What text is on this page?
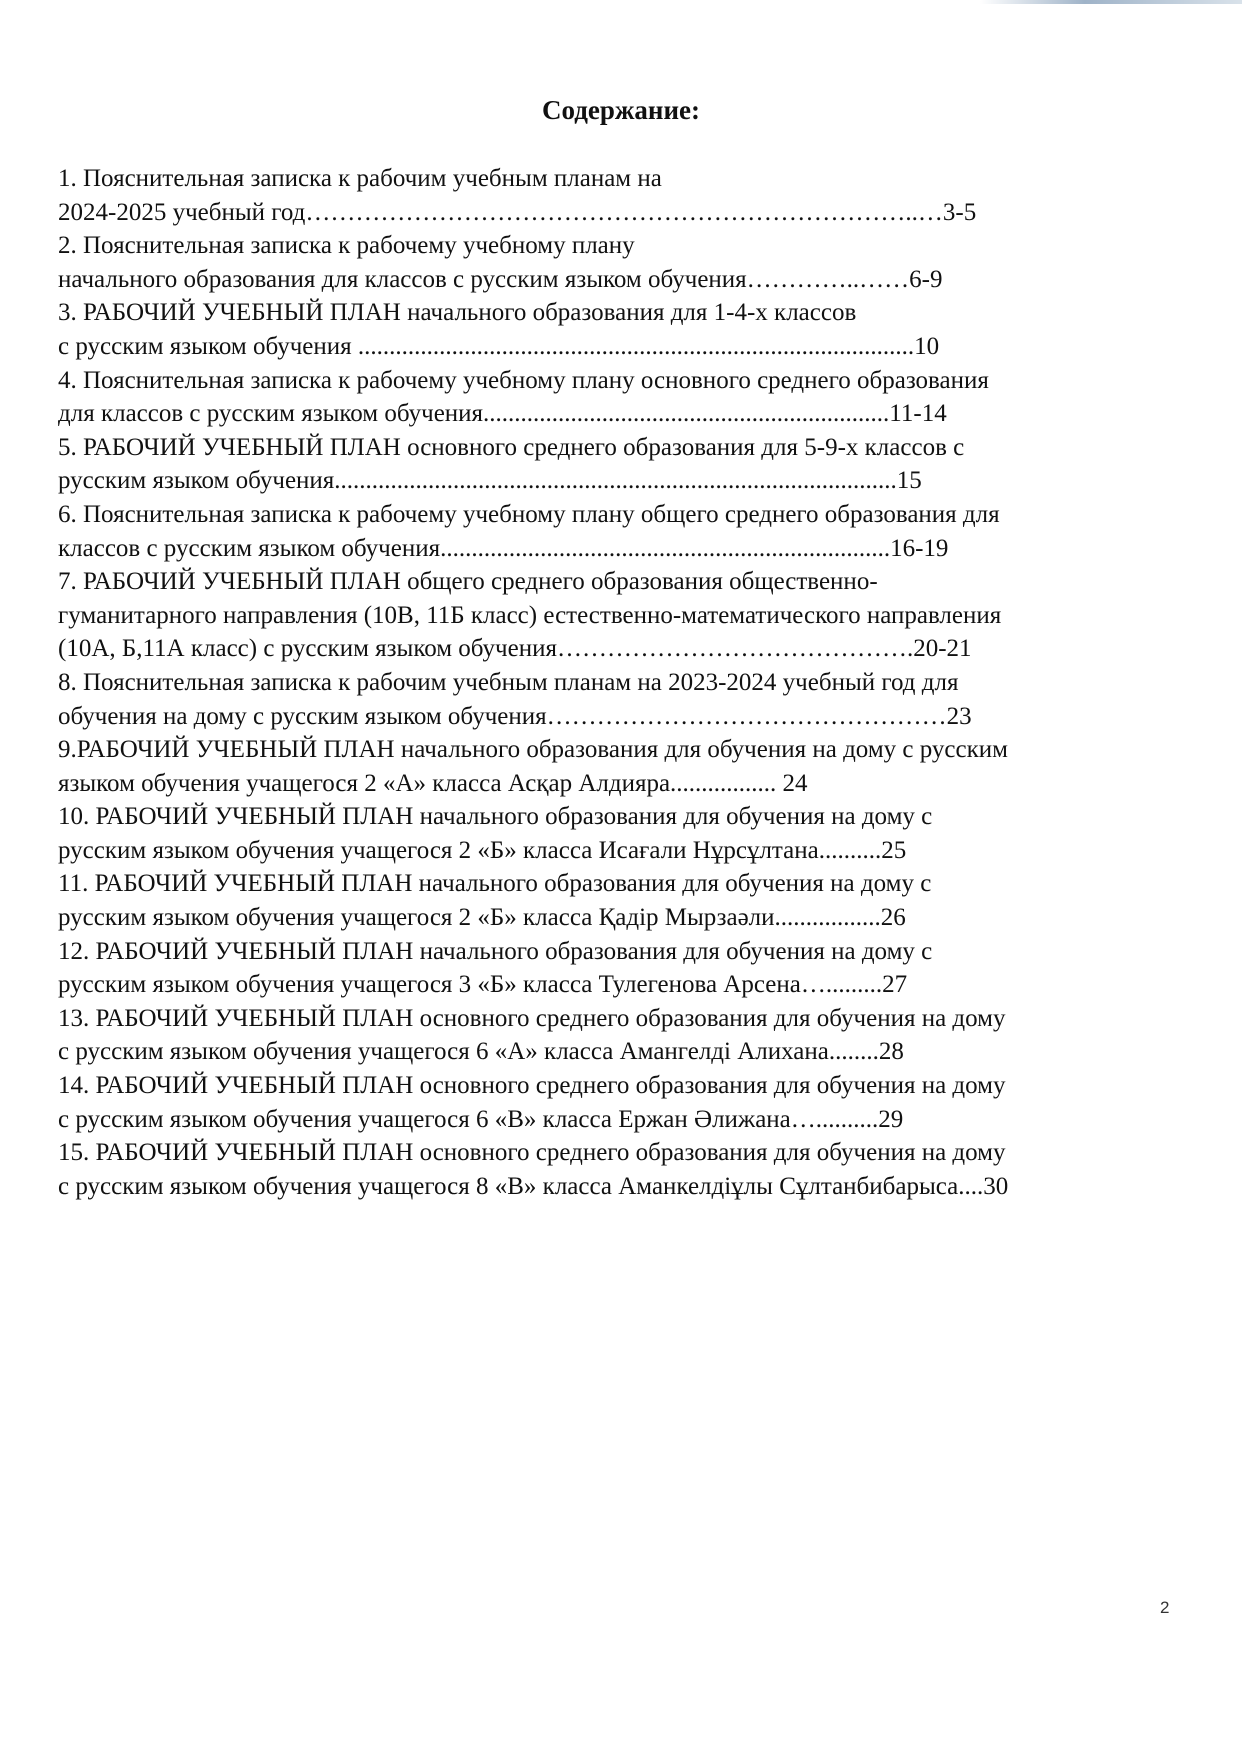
Содержание:
1. Пояснительная записка к рабочим учебным планам на
2024-2025 учебный год………………………………………………………………..…3-5
2. Пояснительная записка к рабочему учебному плану
начального образования для классов с русским языком обучения…………..……6-9
3. РАБОЧИЙ УЧЕБНЫЙ ПЛАН начального образования для 1-4-х классов
с русским языком обучения .........................................................................................10
4. Пояснительная записка к рабочему учебному плану основного среднего образования
для классов с русским языком обучения.................................................................11-14
5. РАБОЧИЙ УЧЕБНЫЙ ПЛАН основного среднего образования для 5-9-х классов с
русским языком обучения..........................................................................................15
6. Пояснительная записка к рабочему учебному плану общего среднего образования для
классов с русским языком обучения........................................................................16-19
7. РАБОЧИЙ УЧЕБНЫЙ ПЛАН общего среднего образования общественно-
гуманитарного направления (10В, 11Б класс) естественно-математического направления
(10А, Б,11А класс) с русским языком обучения…………………………………….20-21
8. Пояснительная записка к рабочим учебным планам на 2023-2024 учебный год для
обучения на дому с русским языком обучения…………………………………………23
9.РАБОЧИЙ УЧЕБНЫЙ ПЛАН начального образования для обучения на дому с русским
языком обучения учащегося 2 «А» класса Асқар Алдияра................. 24
10. РАБОЧИЙ УЧЕБНЫЙ ПЛАН начального образования для обучения на дому с
русским языком обучения учащегося 2 «Б» класса Исағали Нұрсұлтана..........25
11. РАБОЧИЙ УЧЕБНЫЙ ПЛАН начального образования для обучения на дому с
русским языком обучения учащегося 2 «Б» класса Қадір Мырзаәли.................26
12. РАБОЧИЙ УЧЕБНЫЙ ПЛАН начального образования для обучения на дому с
русским языком обучения учащегося 3 «Б» класса Тулегенова Арсена….........27
13. РАБОЧИЙ УЧЕБНЫЙ ПЛАН основного среднего образования для обучения на дому
с русским языком обучения учащегося 6 «А» класса Амангелді Алихана........28
14. РАБОЧИЙ УЧЕБНЫЙ ПЛАН основного среднего образования для обучения на дому
с русским языком обучения учащегося 6 «В» класса Ержан Әлижана…..........29
15. РАБОЧИЙ УЧЕБНЫЙ ПЛАН основного среднего образования для обучения на дому
с русским языком обучения учащегося 8 «В» класса Аманкелдіұлы Сұлтанбибарыса....30
2
